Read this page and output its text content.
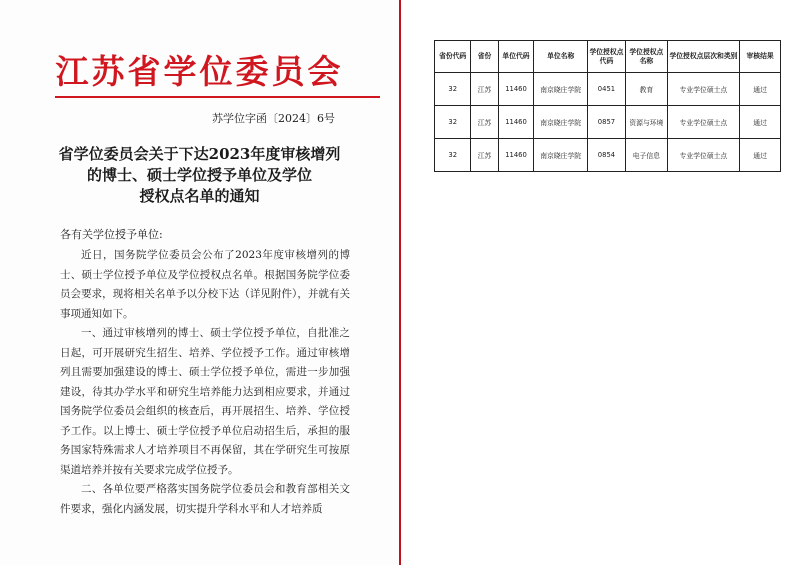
江苏省学位委员会
苏学位字函〔2024〕6号
省学位委员会关于下达2023年度审核增列
的博士、硕士学位授予单位及学位
授权点名单的通知
各有关学位授予单位:

近日，国务院学位委员会公布了2023年度审核增列的博士、硕士学位授予单位及学位授权点名单。根据国务院学位委员会要求，现将相关名单予以分校下达（详见附件），并就有关事项通知如下。

一、通过审核增列的博士、硕士学位授予单位，自批准之日起，可开展研究生招生、培养、学位授予工作。通过审核增列且需要加强建设的博士、硕士学位授予单位，需进一步加强建设，待其办学水平和研究生培养能力达到相应要求，并通过国务院学位委员会组织的核查后，再开展招生、培养、学位授予工作。以上博士、硕士学位授予单位启动招生后，承担的服务国家特殊需求人才培养项目不再保留，其在学研究生可按原渠道培养并按有关要求完成学位授予。

二、各单位要严格落实国务院学位委员会和教育部相关文件要求，强化内涵发展，切实提升学科水平和人才培养质

省份代码	省份	单位代码	单位名称	学位授权点代码	学位授权点名称	学位授权点层次和类别	审核结果
32	江苏	11460	南京晓庄学院	0451	教育	专业学位硕士点	通过
32	江苏	11460	南京晓庄学院	0857	资源与环境	专业学位硕士点	通过
32	江苏	11460	南京晓庄学院	0854	电子信息	专业学位硕士点	通过
